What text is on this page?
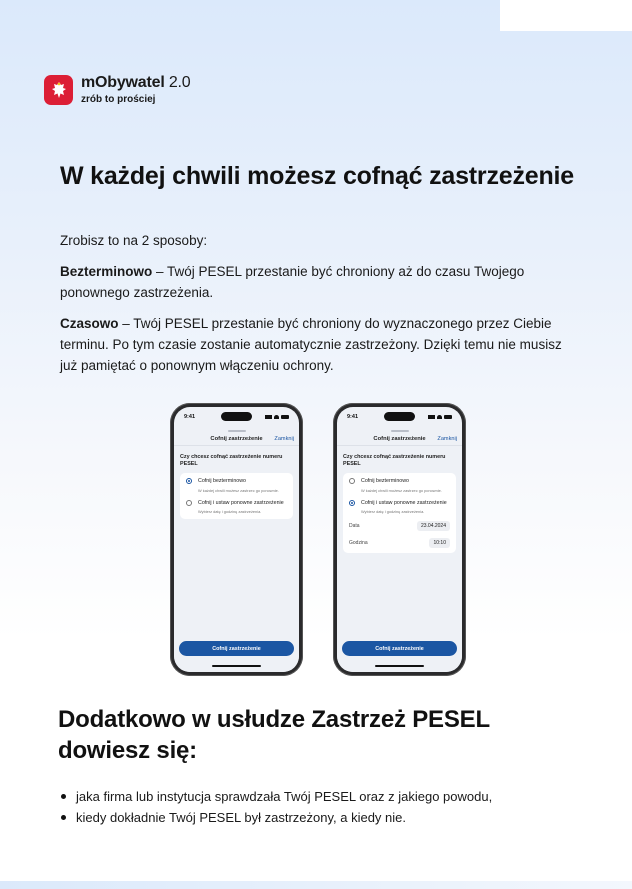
mObywatel 2.0
zrób to prościej
W każdej chwili możesz cofnąć zastrzeżenie

Zrobisz to na 2 sposoby:

Bezterminowo – Twój PESEL przestanie być chroniony aż do czasu Twojego ponownego zastrzeżenia.

Czasowo – Twój PESEL przestanie być chroniony do wyznaczonego przez Ciebie terminu. Po tym czasie zostanie automatycznie zastrzeżony. Dzięki temu nie musisz już pamiętać o ponownym włączeniu ochrony.

9:41
Cofnij zastrzeżenie Zamknij
Czy chcesz cofnąć zastrzeżenie numeru PESEL
Cofnij bezterminowo
W każdej chwili możesz zastrzec go ponownie.
Cofnij i ustaw ponowne zastrzeżenie
Wybierz datę i godzinę zastrzeżenia.
Cofnij zastrzeżenie
9:41
Cofnij zastrzeżenie Zamknij
Czy chcesz cofnąć zastrzeżenie numeru PESEL
Cofnij bezterminowo
W każdej chwili możesz zastrzec go ponownie.
Cofnij i ustaw ponowne zastrzeżenie
Wybierz datę i godzinę zastrzeżenia.
Data	23.04.2024
Godzina	10:10
Cofnij zastrzeżenie
Dodatkowo w usłudze Zastrzeż PESEL dowiesz się:
jaka firma lub instytucja sprawdzała Twój PESEL oraz z jakiego powodu,
kiedy dokładnie Twój PESEL był zastrzeżony, a kiedy nie.
